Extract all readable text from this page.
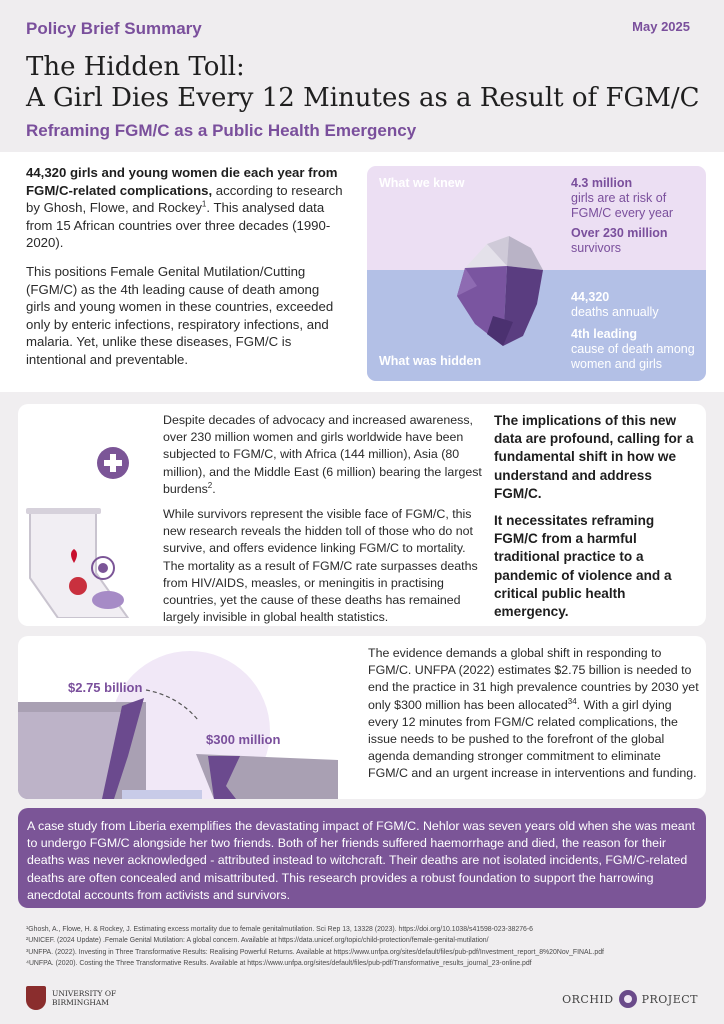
Policy Brief Summary	May 2025
The Hidden Toll:
A Girl Dies Every 12 Minutes as a Result of FGM/C
Reframing FGM/C as a Public Health Emergency

44,320 girls and young women die each year from FGM/C-related complications, according to research by Ghosh, Flowe, and Rockey$^1$. This analysed data from 15 African countries over three decades (1990-2020).

This positions Female Genital Mutilation/Cutting (FGM/C) as the 4th leading cause of death among girls and young women in these countries, exceeded only by enteric infections, respiratory infections, and malaria. Yet, unlike these diseases, FGM/C is intentional and preventable.

What we knew
What was hidden
4.3 million
girls are at risk of FGM/C every year
Over 230 million
survivors
44,320
deaths annually
4th leading
cause of death among women and girls

Despite decades of advocacy and increased awareness, over 230 million women and girls worldwide have been subjected to FGM/C, with Africa (144 million), Asia (80 million), and the Middle East (6 million) bearing the largest burdens$^2$.

While survivors represent the visible face of FGM/C, this new research reveals the hidden toll of those who do not survive, and offers evidence linking FGM/C to mortality. The mortality as a result of FGM/C rate surpasses deaths from HIV/AIDS, measles, or meningitis in practising countries, yet the cause of these deaths has remained largely invisible in global health statistics.

The implications of this new data are profound, calling for a fundamental shift in how we understand and address FGM/C.

It necessitates reframing FGM/C from a harmful traditional practice to a pandemic of violence and a critical public health emergency.

$2.75 billion
$300 million
The evidence demands a global shift in responding to FGM/C. UNFPA (2022) estimates $2.75 billion is needed to end the practice in 31 high prevalence countries by 2030 yet only $300 million has been allocated$^{34}$. With a girl dying every 12 minutes from FGM/C related complications, the issue needs to be pushed to the forefront of the global agenda demanding stronger commitment to eliminate FGM/C and an urgent increase in interventions and funding.

A case study from Liberia exemplifies the devastating impact of FGM/C. Nehlor was seven years old when she was meant to undergo FGM/C alongside her two friends. Both of her friends suffered haemorrhage and died, the reason for their deaths was never acknowledged - attributed instead to witchcraft. Their deaths are not isolated incidents, FGM/C-related deaths are often concealed and misattributed. This research provides a robust foundation to support the harrowing anecdotal accounts from activists and survivors.

¹Ghosh, A., Flowe, H. & Rockey, J. Estimating excess mortality due to female genitalmutilation. Sci Rep 13, 13328 (2023). https://doi.org/10.1038/s41598-023-38276-6
²UNICEF. (2024 Update) .Female Genital Mutilation: A global concern. Available at https://data.unicef.org/topic/child-protection/female-genital-mutilation/
³UNFPA. (2022). Investing in Three Transformative Results: Realising Powerful Returns. Available at https://www.unfpa.org/sites/default/files/pub-pdf/Investment_report_8%20Nov_FINAL.pdf
⁴UNFPA. (2020). Costing the Three Transformative Results. Available at https://www.unfpa.org/sites/default/files/pub-pdf/Transformative_results_journal_23-online.pdf
UNIVERSITY OF
BIRMINGHAM	ORCHID	PROJECT
